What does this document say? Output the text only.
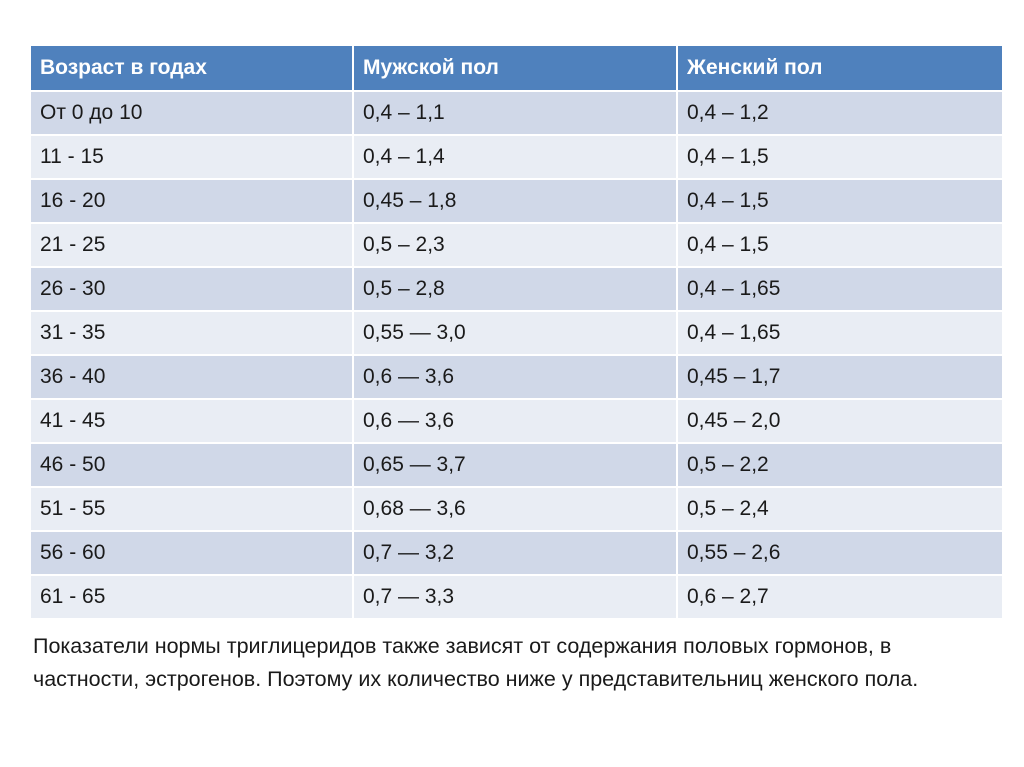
Возраст в годах	Мужской пол	Женский пол
От 0 до 10	0,4 – 1,1	0,4 – 1,2
11 - 15	0,4 – 1,4	0,4 – 1,5
16 - 20	0,45 – 1,8	0,4 – 1,5
21 - 25	0,5 – 2,3	0,4 – 1,5
26 - 30	0,5 – 2,8	0,4 – 1,65
31 - 35	0,55 — 3,0	0,4 – 1,65
36 - 40	0,6 — 3,6	0,45 – 1,7
41 - 45	0,6 — 3,6	0,45 – 2,0
46 - 50	0,65 — 3,7	0,5 – 2,2
51 - 55	0,68 — 3,6	0,5 – 2,4
56 - 60	0,7 — 3,2	0,55 – 2,6
61 - 65	0,7 — 3,3	0,6 – 2,7
Показатели нормы триглицеридов также зависят от содержания половых гормонов, в частности, эстрогенов. Поэтому их количество ниже у представительниц женского пола.
